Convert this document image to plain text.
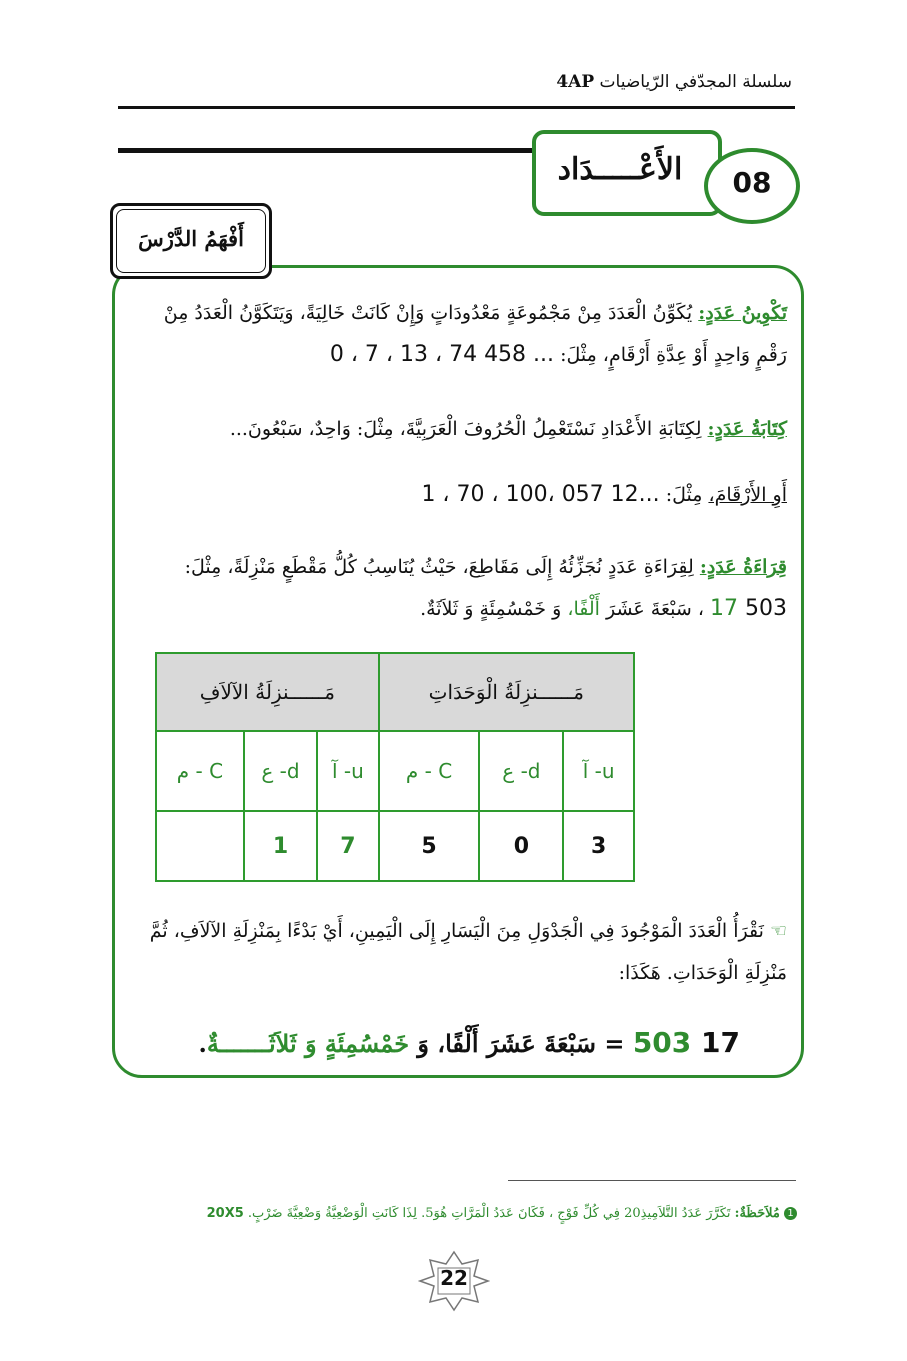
سلسلة المجدّفي الرّياضيات 4AP
الأَعْـــــدَاد	08
أَفْهَمُ الدَّرْسَ
تَكْوِينُ عَدَدٍ: يُكَوِّنُ الْعَدَدَ مِنْ مَجْمُوعَةٍ مَعْدُودَاتٍ وَإِنْ كَانَتْ خَالِيَةً، وَيَتَكَوَّنُ الْعَدَدُ مِنْ رَقْمٍ وَاحِدٍ أَوْ عِدَّةِ أَرْقَامٍ، مِثْلَ: 0 ، 7 ، 13 ، 74 458 ...
كِتَابَةُ عَدَدٍ: لِكِتَابَةِ الأَعْدَادِ نَسْتَعْمِلُ الْحُرُوفَ الْعَرَبِيَّةَ، مِثْلَ: وَاحِدٌ، سَبْعُونَ...
أَوِ الأَرْقَامَ، مِثْلَ: 1 ، 70 ، 100، 057 12...
قِرَاءَةُ عَدَدٍ: لِقِرَاءَةِ عَدَدٍ نُجَزِّئُهُ إِلَى مَقَاطِعَ، حَيْثُ يُنَاسِبُ كُلُّ مَقْطَعٍ مَنْزِلَةً، مِثْلَ:
17 503 ، سَبْعَةَ عَشَرَ أَلْفًا، وَ خَمْسُمِئَةٍ وَ ثَلاَثَةٌ.
مَــــــنزِلَةُ الآلاَفِ			مَــــــنزِلَةُ الْوَحَدَاتِ		
م - C	ع -d	آ -u	م - C	ع -d	آ -u
	1	7	5	0	3
☜ نَقْرَأُ الْعَدَدَ الْمَوْجُودَ فِي الْجَدْوَلِ مِنَ الْيَسَارِ إِلَى الْيَمِينِ، أَيْ بَدْءًا بِمَنْزِلَةِ الآلاَفِ، ثُمَّ مَنْزِلَةِ الْوَحَدَاتِ. هَكَذَا:
503 17 = سَبْعَةَ عَشَرَ أَلْفًا، وَ خَمْسُمِئَةٍ وَ ثَلاَثَـــــــةٌ.
1 مُلاَحَظَةٌ: تَكَرَّرَ عَدَدُ التَّلاَمِيذِ20 فِي كُلِّ فَوْجٍ ، فَكَانَ عَدَدُ الْمَرَّاتِ هُوَ5. لِذَا كَانَتِ الْوَضْعِيَّةُ وَضْعِيَّةَ ضَرْبٍ. 20X5
22
